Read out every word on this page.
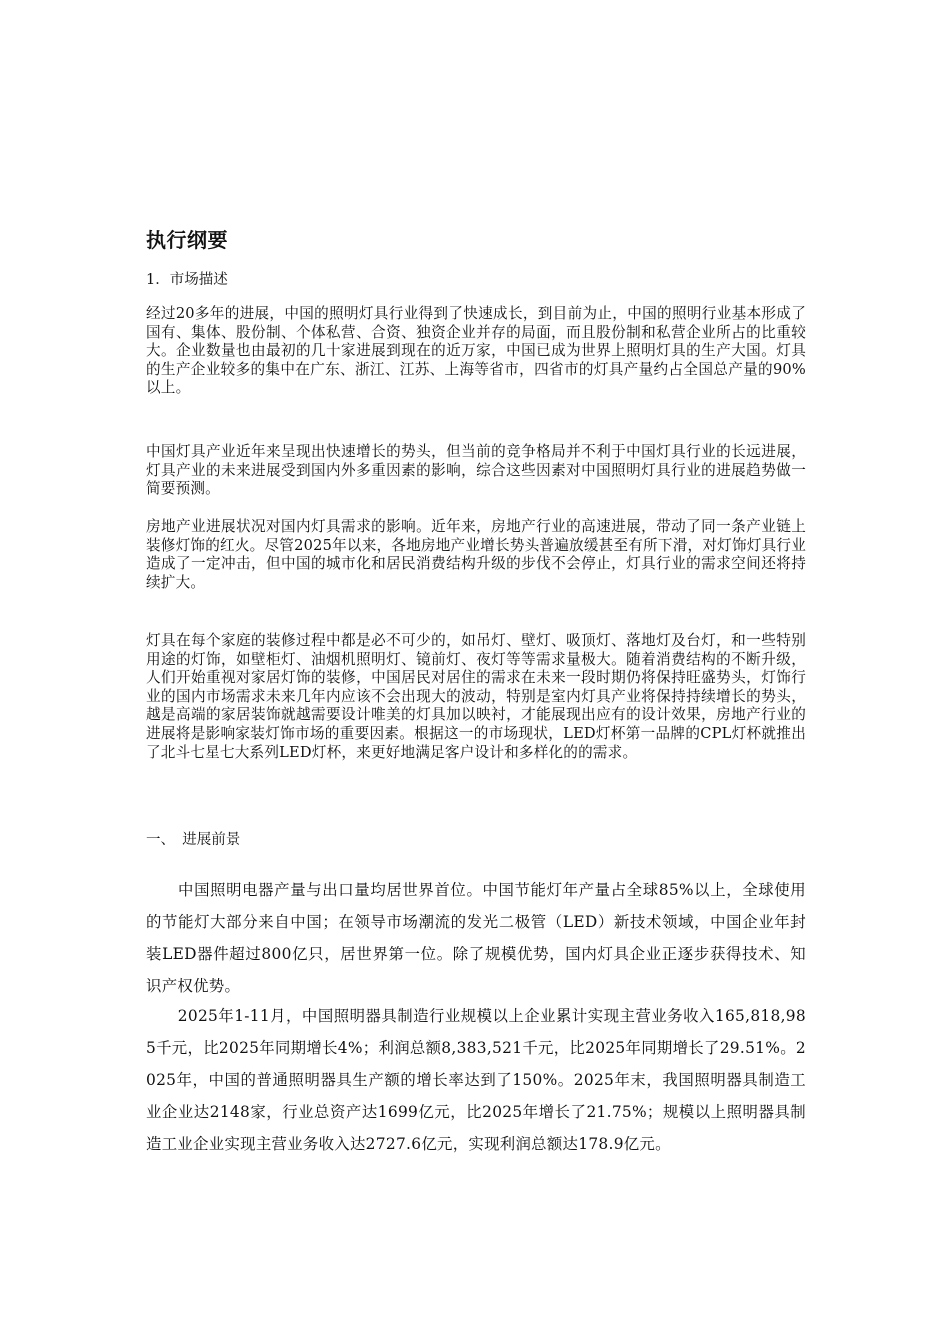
执行纲要

1．市场描述

经过20多年的进展，中国的照明灯具行业得到了快速成长，到目前为止，中国的照明行业基本形成了国有、集体、股份制、个体私营、合资、独资企业并存的局面，而且股份制和私营企业所占的比重较大。企业数量也由最初的几十家进展到现在的近万家，中国已成为世界上照明灯具的生产大国。灯具的生产企业较多的集中在广东、浙江、江苏、上海等省市，四省市的灯具产量约占全国总产量的90%以上。

中国灯具产业近年来呈现出快速增长的势头，但当前的竞争格局并不利于中国灯具行业的长远进展，灯具产业的未来进展受到国内外多重因素的影响，综合这些因素对中国照明灯具行业的进展趋势做一简要预测。

房地产业进展状况对国内灯具需求的影响。近年来，房地产行业的高速进展，带动了同一条产业链上装修灯饰的红火。尽管2025年以来，各地房地产业增长势头普遍放缓甚至有所下滑，对灯饰灯具行业造成了一定冲击，但中国的城市化和居民消费结构升级的步伐不会停止，灯具行业的需求空间还将持续扩大。

灯具在每个家庭的装修过程中都是必不可少的，如吊灯、壁灯、吸顶灯、落地灯及台灯，和一些特别用途的灯饰，如壁柜灯、油烟机照明灯、镜前灯、夜灯等等需求量极大。随着消费结构的不断升级，人们开始重视对家居灯饰的装修，中国居民对居住的需求在未来一段时期仍将保持旺盛势头，灯饰行业的国内市场需求未来几年内应该不会出现大的波动，特别是室内灯具产业将保持持续增长的势头，越是高端的家居装饰就越需要设计唯美的灯具加以映衬，才能展现出应有的设计效果，房地产行业的进展将是影响家装灯饰市场的重要因素。根据这一的市场现状，LED灯杯第一品牌的CPL灯杯就推出了北斗七星七大系列LED灯杯，来更好地满足客户设计和多样化的的需求。

一、　进展前景

　　中国照明电器产量与出口量均居世界首位。中国节能灯年产量占全球85%以上，全球使用的节能灯大部分来自中国；在领导市场潮流的发光二极管（LED）新技术领域，中国企业年封装LED器件超过800亿只，居世界第一位。除了规模优势，国内灯具企业正逐步获得技术、知识产权优势。

　　2025年1-11月，中国照明器具制造行业规模以上企业累计实现主营业务收入165,818,985千元，比2025年同期增长4%；利润总额8,383,521千元，比2025年同期增长了29.51%。2025年，中国的普通照明器具生产额的增长率达到了150%。2025年末，我国照明器具制造工业企业达2148家，行业总资产达1699亿元，比2025年增长了21.75%；规模以上照明器具制造工业企业实现主营业务收入达2727.6亿元，实现利润总额达178.9亿元。
